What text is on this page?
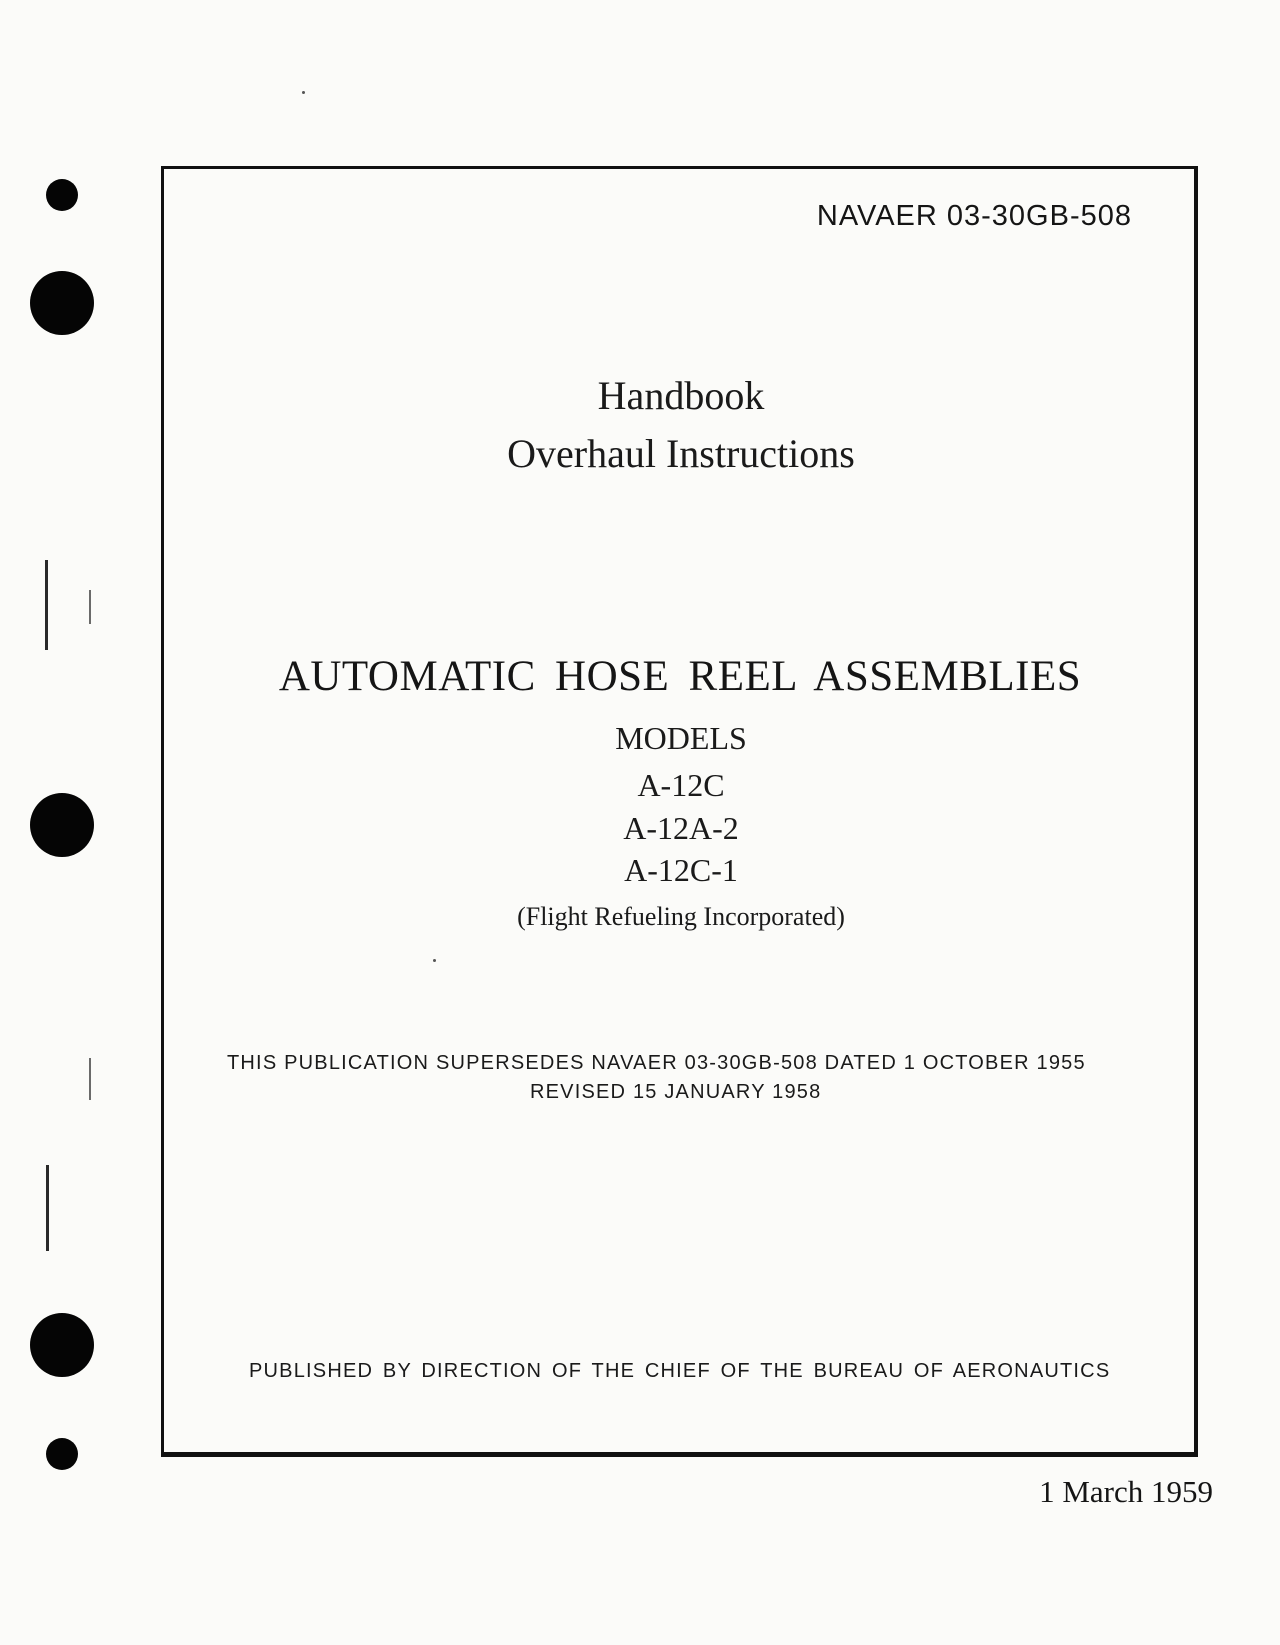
NAVAER 03-30GB-508
Handbook
Overhaul Instructions
AUTOMATIC HOSE REEL ASSEMBLIES
MODELS
A-12C
A-12A-2
A-12C-1
(Flight Refueling Incorporated)
THIS PUBLICATION SUPERSEDES NAVAER 03-30GB-508 DATED 1 OCTOBER 1955
REVISED 15 JANUARY 1958
PUBLISHED BY DIRECTION OF THE CHIEF OF THE BUREAU OF AERONAUTICS
1 March 1959
